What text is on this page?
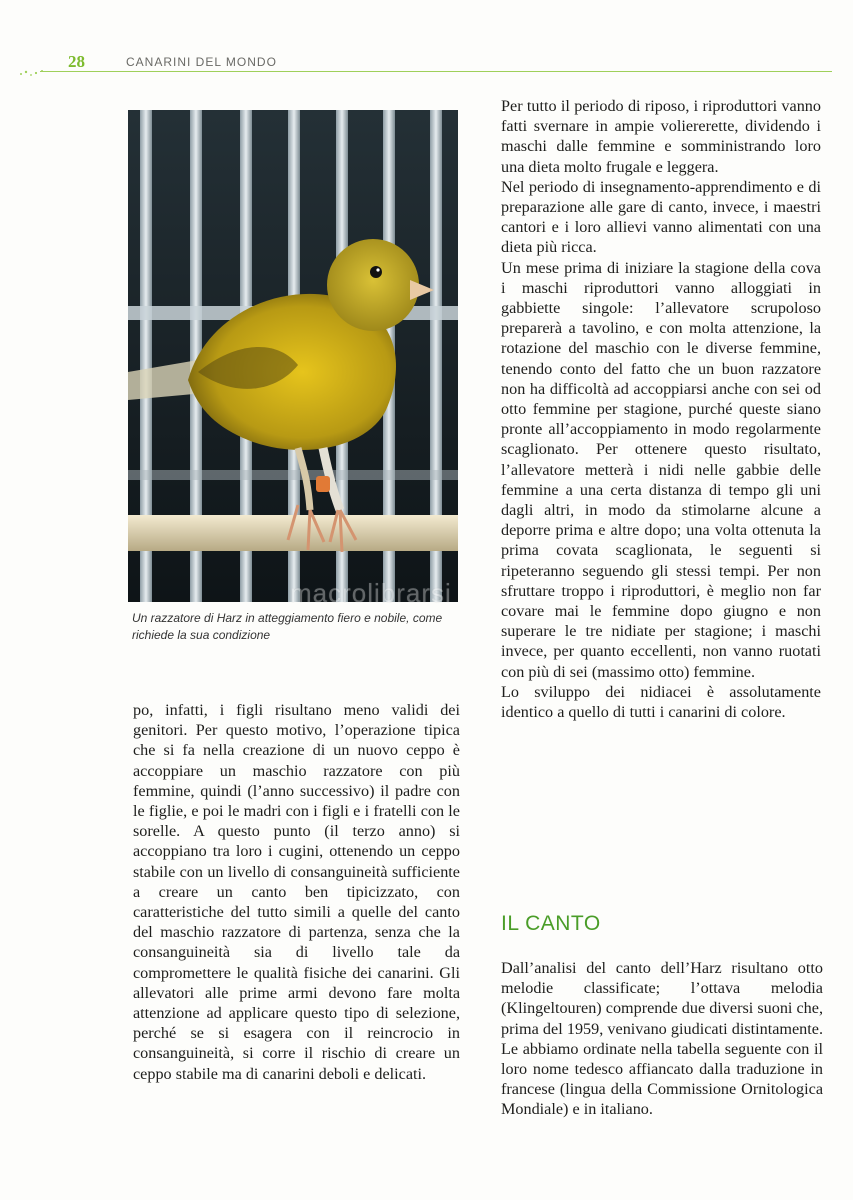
28	CANARINI DEL MONDO
macrolibrarsi
Un razzatore di Harz in atteggiamento fiero e nobile, come richiede la sua condizione

po, infatti, i figli risultano meno validi dei genitori. Per questo motivo, l’operazione tipica che si fa nella creazione di un nuovo ceppo è accoppiare un maschio razzatore con più femmine, quindi (l’anno successivo) il padre con le figlie, e poi le madri con i figli e i fratelli con le sorelle. A questo punto (il terzo anno) si accoppiano tra loro i cugini, ottenendo un ceppo stabile con un livello di consanguineità sufficiente a creare un canto ben tipicizzato, con caratteristiche del tutto simili a quelle del canto del maschio razzatore di partenza, senza che la consanguineità sia di livello tale da compromettere le qualità fisiche dei canarini. Gli allevatori alle prime armi devono fare molta attenzione ad applicare questo tipo di selezione, perché se si esagera con il reincrocio in consanguineità, si corre il rischio di creare un ceppo stabile ma di canarini deboli e delicati.

Per tutto il periodo di riposo, i riproduttori vanno fatti svernare in ampie voliererette, dividendo i maschi dalle femmine e somministrando loro una dieta molto frugale e leggera.

Nel periodo di insegnamento-apprendimento e di preparazione alle gare di canto, invece, i maestri cantori e i loro allievi vanno alimentati con una dieta più ricca.

Un mese prima di iniziare la stagione della cova i maschi riproduttori vanno alloggiati in gabbiette singole: l’allevatore scrupoloso preparerà a tavolino, e con molta attenzione, la rotazione del maschio con le diverse femmine, tenendo conto del fatto che un buon razzatore non ha difficoltà ad accoppiarsi anche con sei od otto femmine per stagione, purché queste siano pronte all’accoppiamento in modo regolarmente scaglionato. Per ottenere questo risultato, l’allevatore metterà i nidi nelle gabbie delle femmine a una certa distanza di tempo gli uni dagli altri, in modo da stimolarne alcune a deporre prima e altre dopo; una volta ottenuta la prima covata scaglionata, le seguenti si ripeteranno seguendo gli stessi tempi. Per non sfruttare troppo i riproduttori, è meglio non far covare mai le femmine dopo giugno e non superare le tre nidiate per stagione; i maschi invece, per quanto eccellenti, non vanno ruotati con più di sei (massimo otto) femmine.

Lo sviluppo dei nidiacei è assolutamente identico a quello di tutti i canarini di colore.

IL CANTO

Dall’analisi del canto dell’Harz risultano otto melodie classificate; l’ottava melodia (Klingeltouren) comprende due diversi suoni che, prima del 1959, venivano giudicati distintamente. Le abbiamo ordinate nella tabella seguente con il loro nome tedesco affiancato dalla traduzione in francese (lingua della Commissione Ornitologica Mondiale) e in italiano.
